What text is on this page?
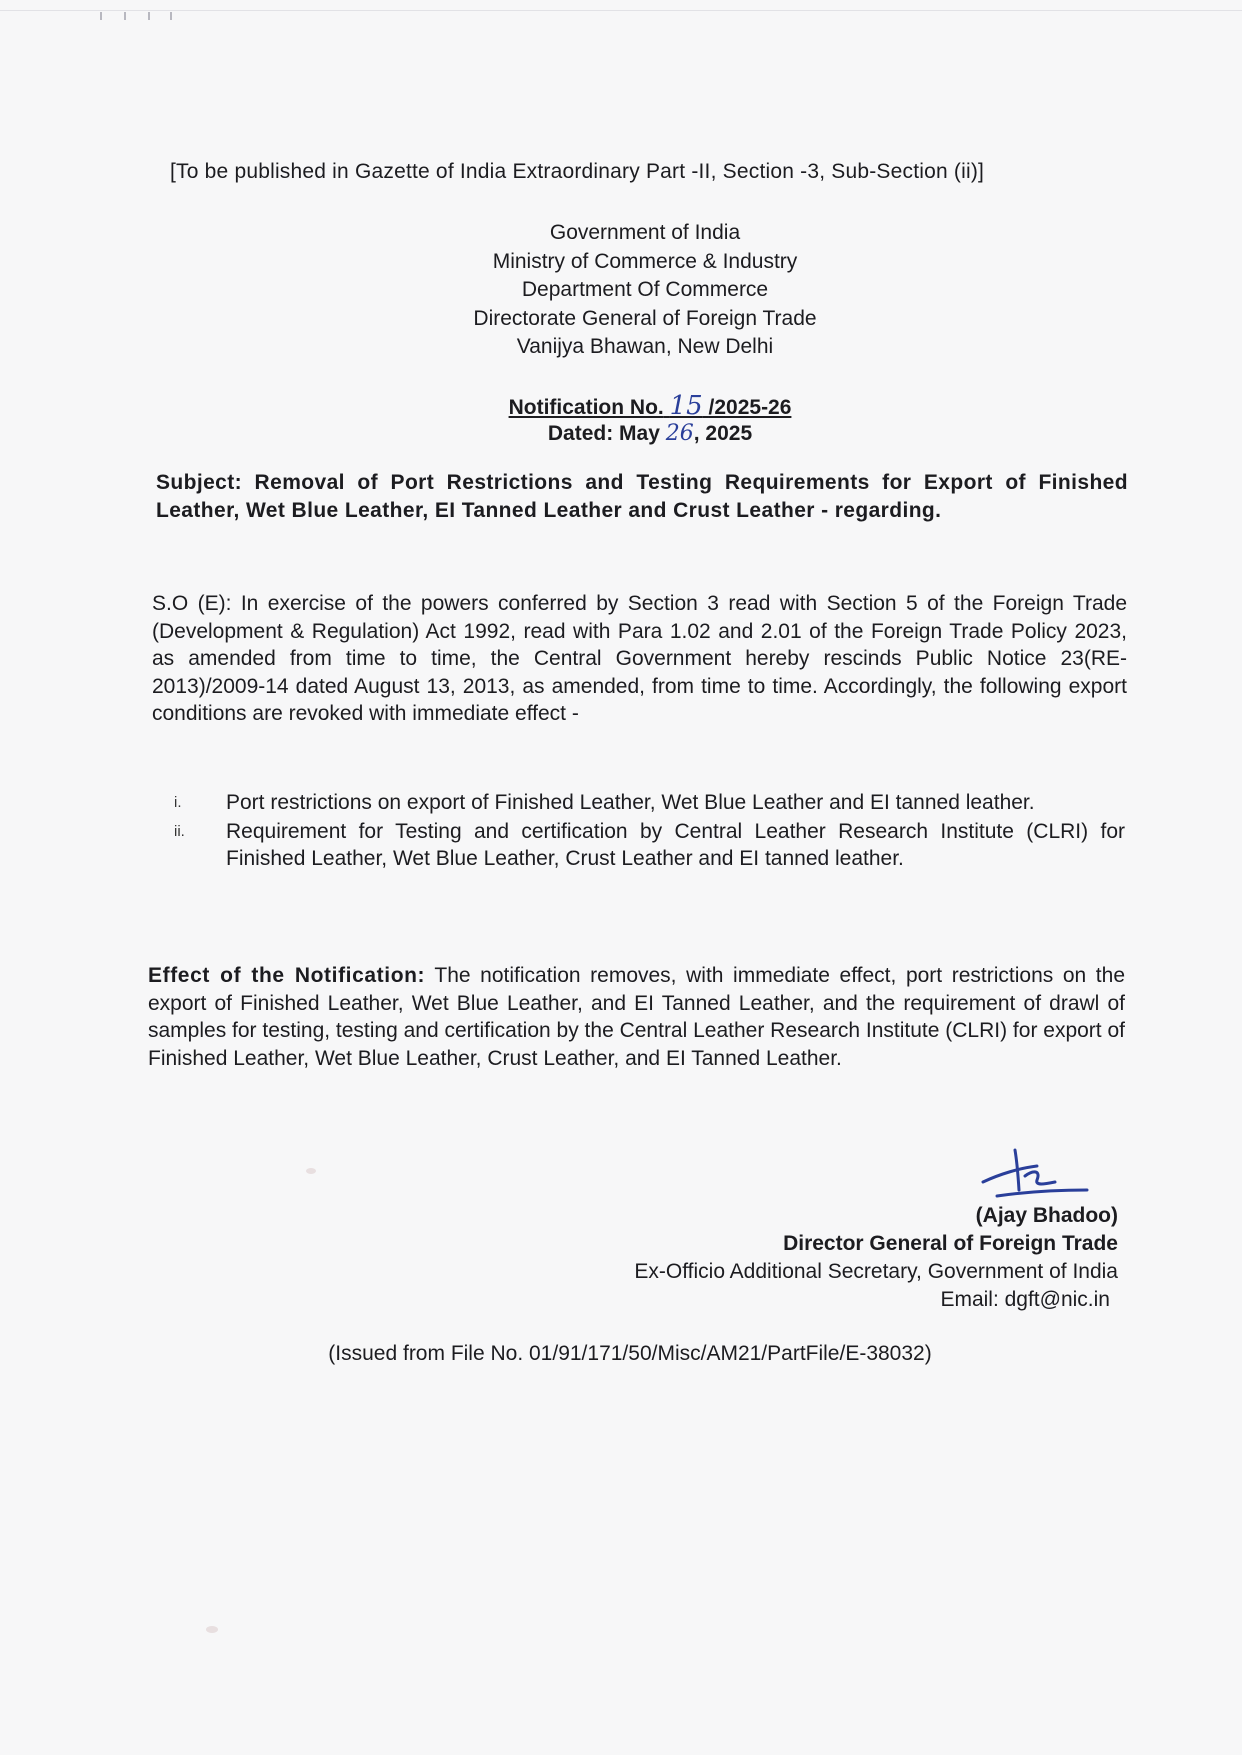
[To be published in Gazette of India Extraordinary Part -II, Section -3, Sub-Section (ii)]
Government of India
Ministry of Commerce & Industry
Department Of Commerce
Directorate General of Foreign Trade
Vanijya Bhawan, New Delhi
Notification No. 15 /2025-26
Dated: May 26, 2025
Subject: Removal of Port Restrictions and Testing Requirements for Export of Finished Leather, Wet Blue Leather, EI Tanned Leather and Crust Leather - regarding.
S.O (E): In exercise of the powers conferred by Section 3 read with Section 5 of the Foreign Trade (Development & Regulation) Act 1992, read with Para 1.02 and 2.01 of the Foreign Trade Policy 2023, as amended from time to time, the Central Government hereby rescinds Public Notice 23(RE-2013)/2009-14 dated August 13, 2013, as amended, from time to time. Accordingly, the following export conditions are revoked with immediate effect -
i. Port restrictions on export of Finished Leather, Wet Blue Leather and EI tanned leather.
ii. Requirement for Testing and certification by Central Leather Research Institute (CLRI) for Finished Leather, Wet Blue Leather, Crust Leather and EI tanned leather.
Effect of the Notification: The notification removes, with immediate effect, port restrictions on the export of Finished Leather, Wet Blue Leather, and EI Tanned Leather, and the requirement of drawl of samples for testing, testing and certification by the Central Leather Research Institute (CLRI) for export of Finished Leather, Wet Blue Leather, Crust Leather, and EI Tanned Leather.
(Ajay Bhadoo)
Director General of Foreign Trade
Ex-Officio Additional Secretary, Government of India
Email: dgft@nic.in
(Issued from File No. 01/91/171/50/Misc/AM21/PartFile/E-38032)
